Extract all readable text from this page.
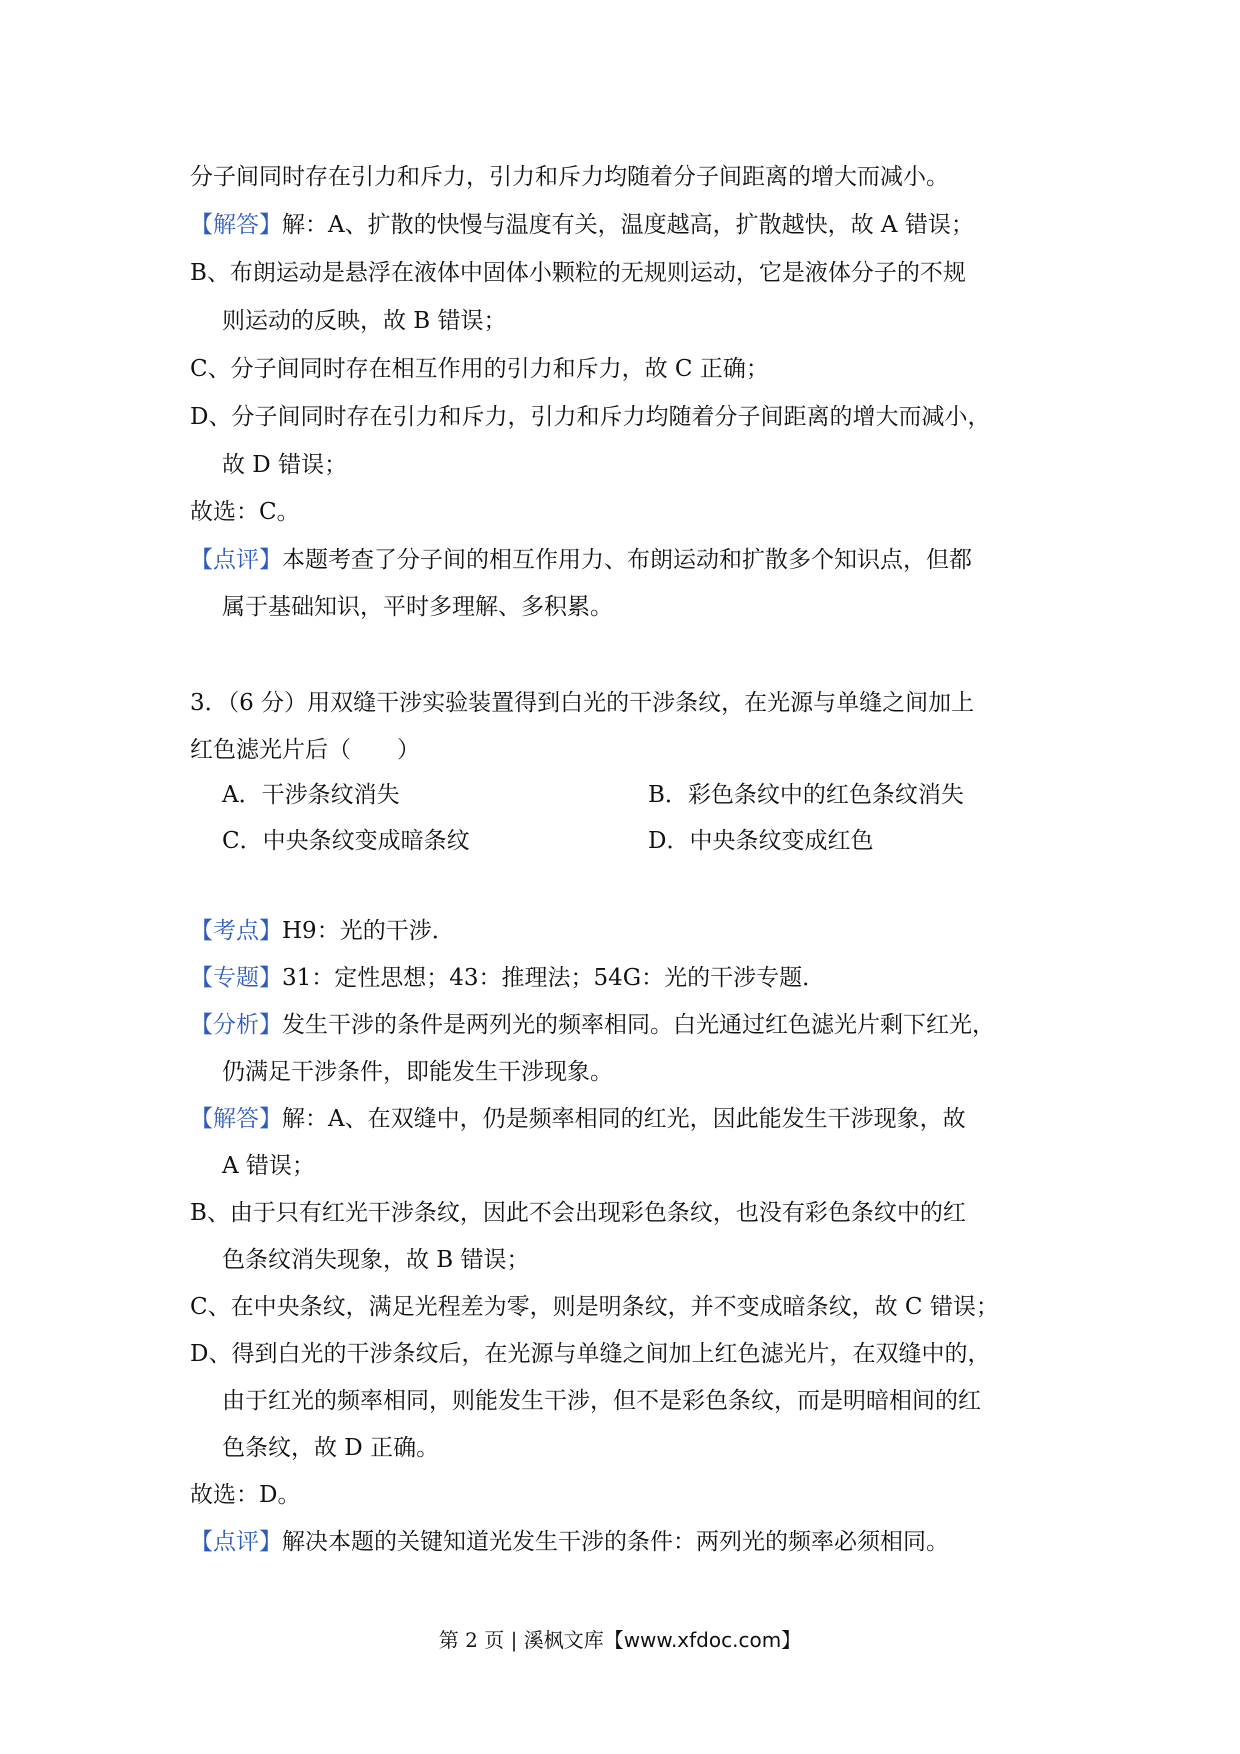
分子间同时存在引力和斥力，引力和斥力均随着分子间距离的增大而减小。
【解答】解：A、扩散的快慢与温度有关，温度越高，扩散越快，故 A 错误；
B、布朗运动是悬浮在液体中固体小颗粒的无规则运动，它是液体分子的不规
则运动的反映，故 B 错误；
C、分子间同时存在相互作用的引力和斥力，故 C 正确；
D、分子间同时存在引力和斥力，引力和斥力均随着分子间距离的增大而减小，
故 D 错误；
故选：C。
【点评】本题考查了分子间的相互作用力、布朗运动和扩散多个知识点，但都
属于基础知识，平时多理解、多积累。
3．（6 分）用双缝干涉实验装置得到白光的干涉条纹，在光源与单缝之间加上
红色滤光片后（　　）
A．干涉条纹消失	B．彩色条纹中的红色条纹消失
C．中央条纹变成暗条纹	D．中央条纹变成红色
【考点】H9：光的干涉．
【专题】31：定性思想；43：推理法；54G：光的干涉专题．
【分析】发生干涉的条件是两列光的频率相同。白光通过红色滤光片剩下红光，
仍满足干涉条件，即能发生干涉现象。
【解答】解：A、在双缝中，仍是频率相同的红光，因此能发生干涉现象，故
A 错误；
B、由于只有红光干涉条纹，因此不会出现彩色条纹，也没有彩色条纹中的红
色条纹消失现象，故 B 错误；
C、在中央条纹，满足光程差为零，则是明条纹，并不变成暗条纹，故 C 错误；
D、得到白光的干涉条纹后，在光源与单缝之间加上红色滤光片，在双缝中的，
由于红光的频率相同，则能发生干涉，但不是彩色条纹，而是明暗相间的红
色条纹，故 D 正确。
故选：D。
【点评】解决本题的关键知道光发生干涉的条件：两列光的频率必须相同。
第 2 页 | 溪枫文库【www.xfdoc.com】
